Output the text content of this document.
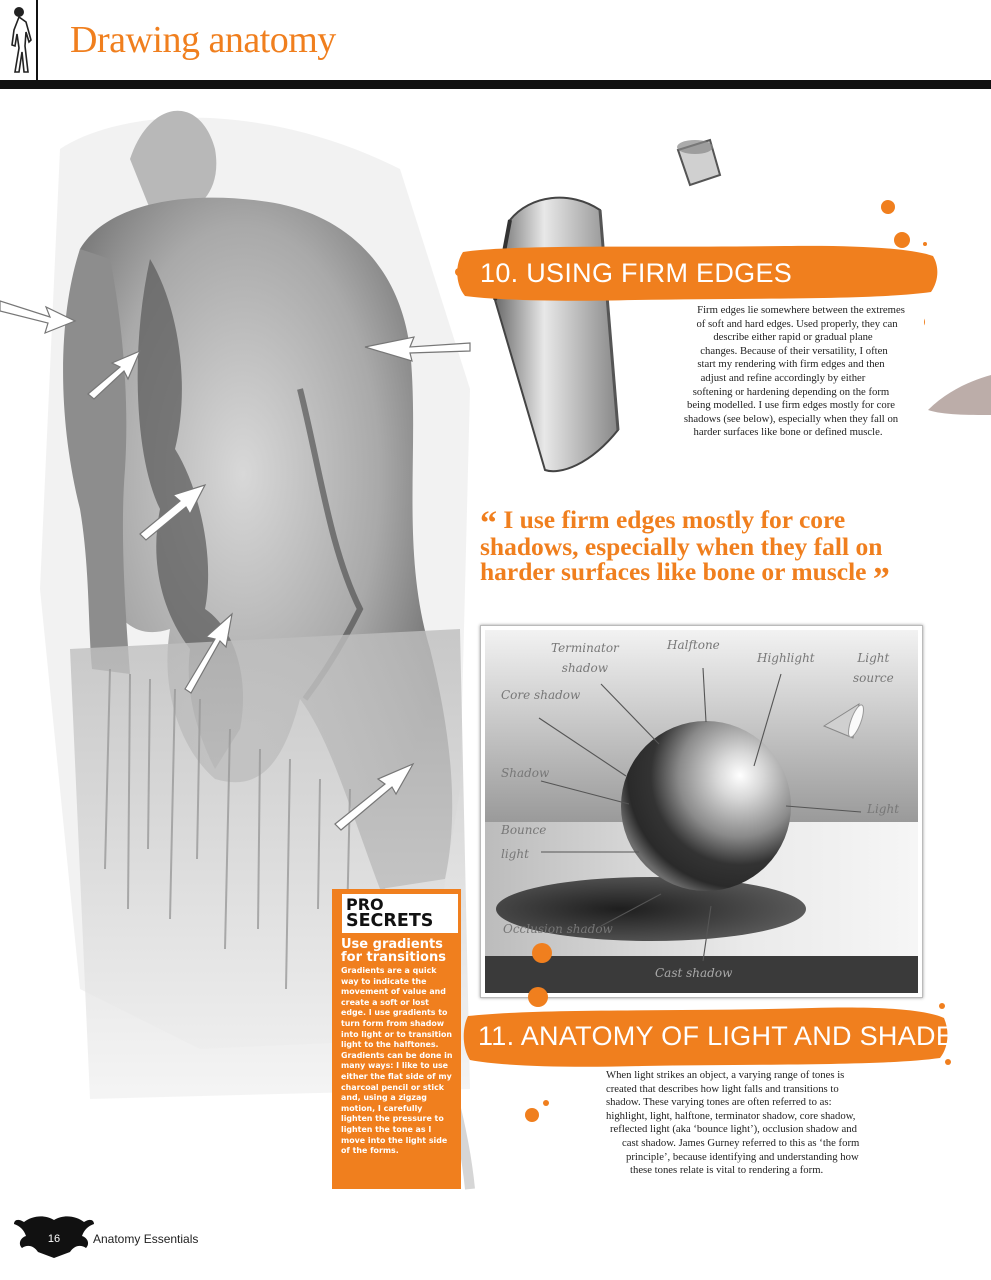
Drawing anatomy
10. USING FIRM EDGES
Firm edges lie somewhere between the extremes
of soft and hard edges. Used properly, they can
describe either rapid or gradual plane
changes. Because of their versatility, I often
start my rendering with firm edges and then
adjust and refine accordingly by either
softening or hardening depending on the form
being modelled. I use firm edges mostly for core
shadows (see below), especially when they fall on
harder surfaces like bone or defined muscle.
“ I use firm edges mostly for core
shadows, especially when they fall on
harder surfaces like bone or muscle ”
Terminator
shadow
Halftone
Highlight	Light
source
Core shadow
Shadow
Light
Bounce
light
Occlusion shadow
Cast shadow
11. ANATOMY OF LIGHT AND SHADE
When light strikes an object, a varying range of tones is
created that describes how light falls and transitions to
shadow. These varying tones are often referred to as:
highlight, light, halftone, terminator shadow, core shadow,
reflected light (aka ‘bounce light’), occlusion shadow and
cast shadow. James Gurney referred to this as ‘the form
principle’, because identifying and understanding how
these tones relate is vital to rendering a form.
PRO
SECRETS
Use gradients
for transitions
Gradients are a quick
way to indicate the
movement of value and
create a soft or lost
edge. I use gradients to
turn form from shadow
into light or to transition
light to the halftones.
Gradients can be done in
many ways: I like to use
either the flat side of my
charcoal pencil or stick
and, using a zigzag
motion, I carefully
lighten the pressure to
lighten the tone as I
move into the light side
of the forms.
16	Anatomy Essentials
